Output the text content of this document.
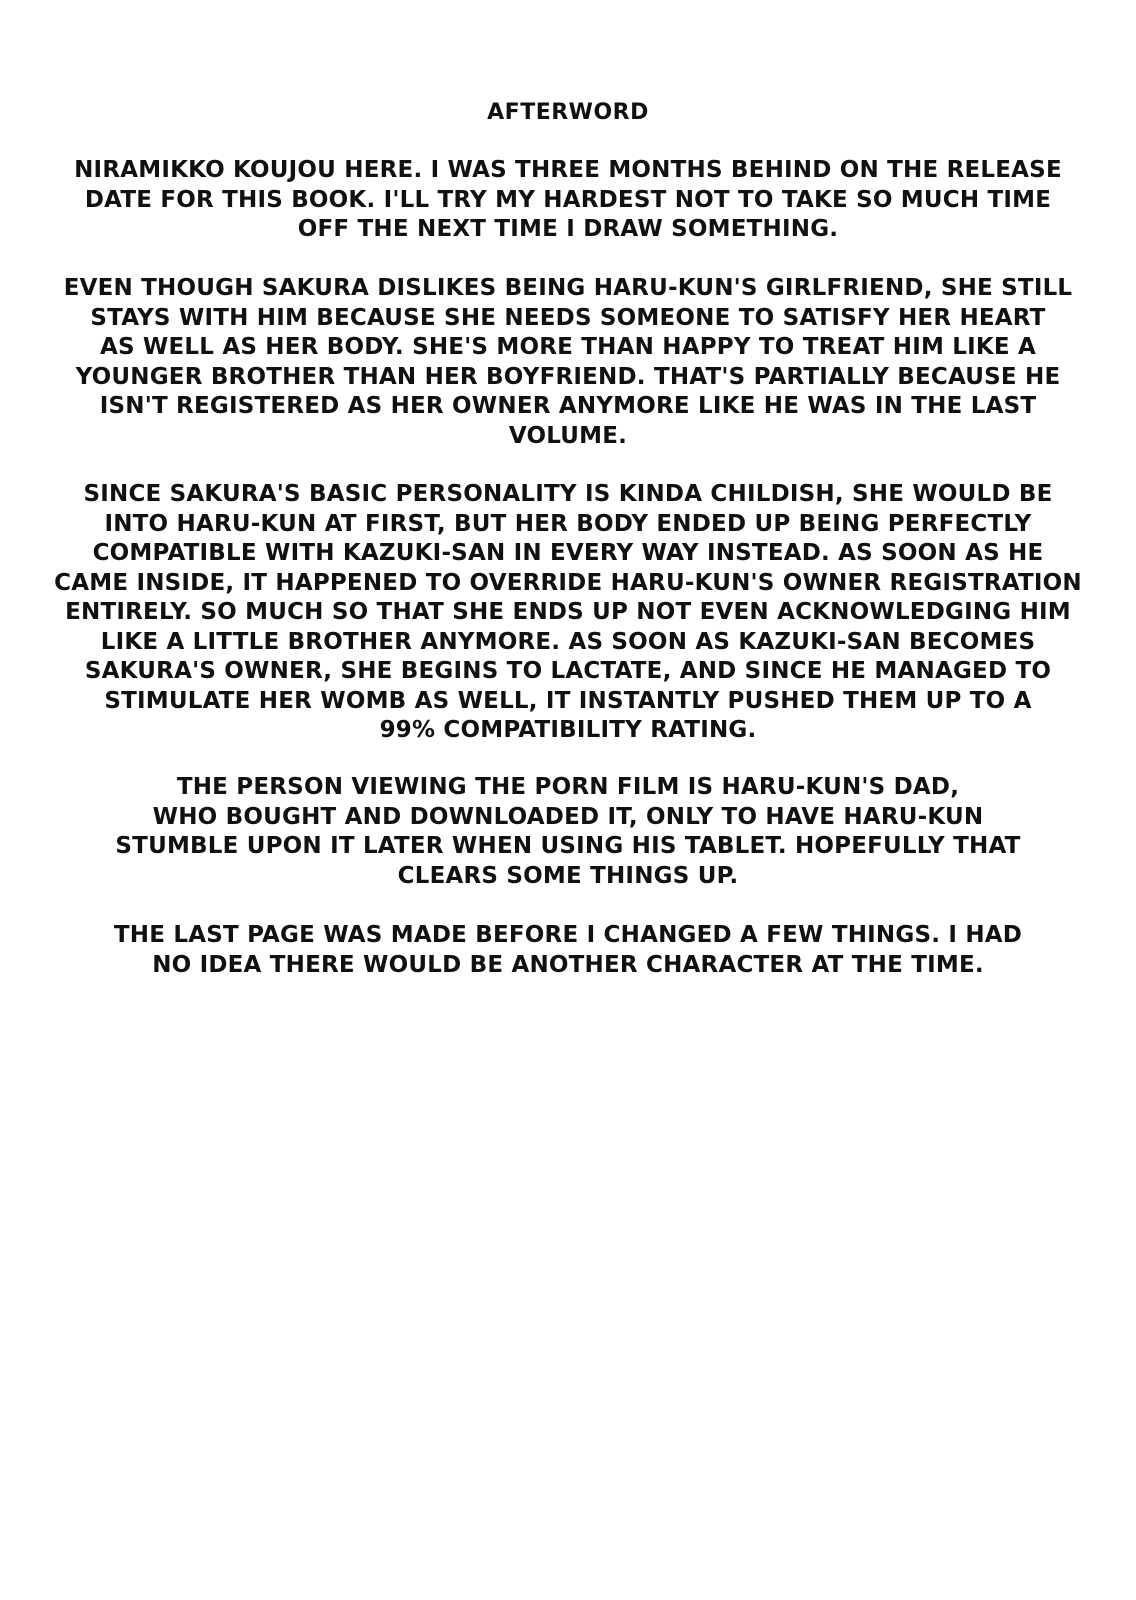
AFTERWORD
NIRAMIKKO KOUJOU HERE. I WAS THREE MONTHS BEHIND ON THE RELEASE
DATE FOR THIS BOOK. I'LL TRY MY HARDEST NOT TO TAKE SO MUCH TIME
OFF THE NEXT TIME I DRAW SOMETHING.
EVEN THOUGH SAKURA DISLIKES BEING HARU-KUN'S GIRLFRIEND, SHE STILL
STAYS WITH HIM BECAUSE SHE NEEDS SOMEONE TO SATISFY HER HEART
AS WELL AS HER BODY. SHE'S MORE THAN HAPPY TO TREAT HIM LIKE A
YOUNGER BROTHER THAN HER BOYFRIEND. THAT'S PARTIALLY BECAUSE HE
ISN'T REGISTERED AS HER OWNER ANYMORE LIKE HE WAS IN THE LAST
VOLUME.
SINCE SAKURA'S BASIC PERSONALITY IS KINDA CHILDISH, SHE WOULD BE
INTO HARU-KUN AT FIRST, BUT HER BODY ENDED UP BEING PERFECTLY
COMPATIBLE WITH KAZUKI-SAN IN EVERY WAY INSTEAD. AS SOON AS HE
CAME INSIDE, IT HAPPENED TO OVERRIDE HARU-KUN'S OWNER REGISTRATION
ENTIRELY. SO MUCH SO THAT SHE ENDS UP NOT EVEN ACKNOWLEDGING HIM
LIKE A LITTLE BROTHER ANYMORE. AS SOON AS KAZUKI-SAN BECOMES
SAKURA'S OWNER, SHE BEGINS TO LACTATE, AND SINCE HE MANAGED TO
STIMULATE HER WOMB AS WELL, IT INSTANTLY PUSHED THEM UP TO A
99% COMPATIBILITY RATING.
THE PERSON VIEWING THE PORN FILM IS HARU-KUN'S DAD,
WHO BOUGHT AND DOWNLOADED IT, ONLY TO HAVE HARU-KUN
STUMBLE UPON IT LATER WHEN USING HIS TABLET. HOPEFULLY THAT
CLEARS SOME THINGS UP.
THE LAST PAGE WAS MADE BEFORE I CHANGED A FEW THINGS. I HAD
NO IDEA THERE WOULD BE ANOTHER CHARACTER AT THE TIME.
